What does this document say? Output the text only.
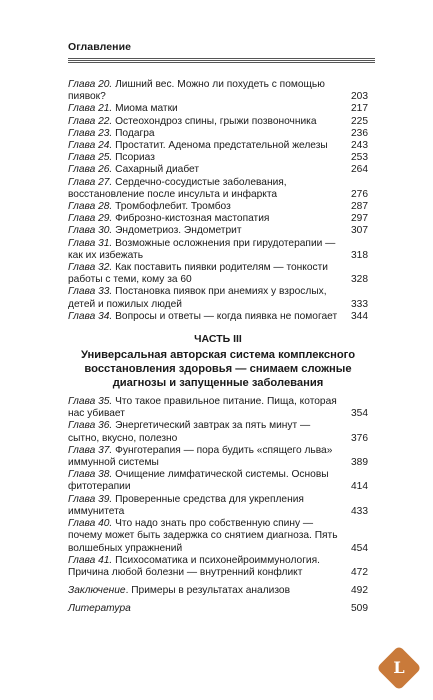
Оглавление
Глава 20. Лишний вес. Можно ли похудеть с помощью пиявок?	203
Глава 21. Миома матки	217
Глава 22. Остеохондроз спины, грыжи позвоночника	225
Глава 23. Подагра	236
Глава 24. Простатит. Аденома предстательной железы	243
Глава 25. Псориаз	253
Глава 26. Сахарный диабет	264
Глава 27. Сердечно-сосудистые заболевания, восстановление после инсульта и инфаркта	276
Глава 28. Тромбофлебит. Тромбоз	287
Глава 29. Фиброзно-кистозная мастопатия	297
Глава 30. Эндометриоз. Эндометрит	307
Глава 31. Возможные осложнения при гирудотерапии — как их избежать	318
Глава 32. Как поставить пиявки родителям — тонкости работы с теми, кому за 60	328
Глава 33. Постановка пиявок при анемиях у взрослых, детей и пожилых людей	333
Глава 34. Вопросы и ответы — когда пиявка не помогает	344
ЧАСТЬ III
Универсальная авторская система комплексного восстановления здоровья — снимаем сложные диагнозы и запущенные заболевания
Глава 35. Что такое правильное питание. Пища, которая нас убивает	354
Глава 36. Энергетический завтрак за пять минут — сытно, вкусно, полезно	376
Глава 37. Фунготерапия — пора будить «спящего льва» иммунной системы	389
Глава 38. Очищение лимфатической системы. Основы фитотерапии	414
Глава 39. Проверенные средства для укрепления иммунитета	433
Глава 40. Что надо знать про собственную спину — почему может быть задержка со снятием диагноза. Пять волшебных упражнений	454
Глава 41. Психосоматика и психонейроиммунология.
Причина любой болезни — внутренний конфликт	472
Заключение. Примеры в результатах анализов	492
Литература	509
L
